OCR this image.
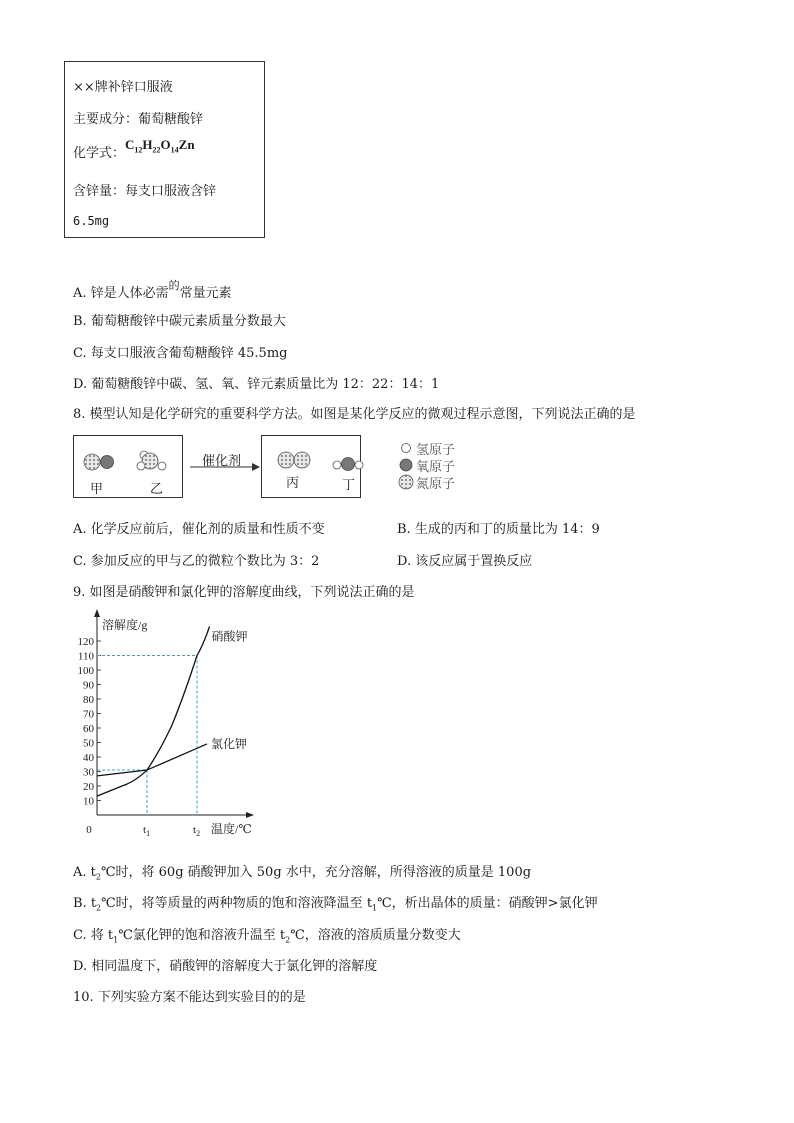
××牌补锌口服液
主要成分：葡萄糖酸锌
化学式：$C_{12}H_{22}O_{14}Zn$
含锌量：每支口服液含锌
6.5mg
A. 锌是人体必需$^的$常量元素
B. 葡萄糖酸锌中碳元素质量分数最大
C. 每支口服液含葡萄糖酸锌 45.5mg
D. 葡萄糖酸锌中碳、氢、氧、锌元素质量比为 12：22：14：1
8. 模型认知是化学研究的重要科学方法。如图是某化学反应的微观过程示意图，下列说法正确的是
甲	乙
催化剂
丙	丁
氢原子
氧原子
氮原子
A. 化学反应前后，催化剂的质量和性质不变	B. 生成的丙和丁的质量比为 14：9
C. 参加反应的甲与乙的微粒个数比为 3：2	D. 该反应属于置换反应
9. 如图是硝酸钾和氯化钾的溶解度曲线，下列说法正确的是
10
20
30
40
50
60
70
80
90
100
110
120
0
溶解度/g
$t_1$	$t_2$ 温度/℃
硝酸钾
氯化钾
A. $t_2℃$时，将 60g 硝酸钾加入 50g 水中，充分溶解，所得溶液的质量是 100g
B. $t_2℃$时，将等质量的两种物质的饱和溶液降温至 $t_1℃$，析出晶体的质量：硝酸钾>氯化钾
C. 将 $t_1℃$氯化钾的饱和溶液升温至 $t_2℃$，溶液的溶质质量分数变大
D. 相同温度下，硝酸钾的溶解度大于氯化钾的溶解度
10. 下列实验方案不能达到实验目的的是
